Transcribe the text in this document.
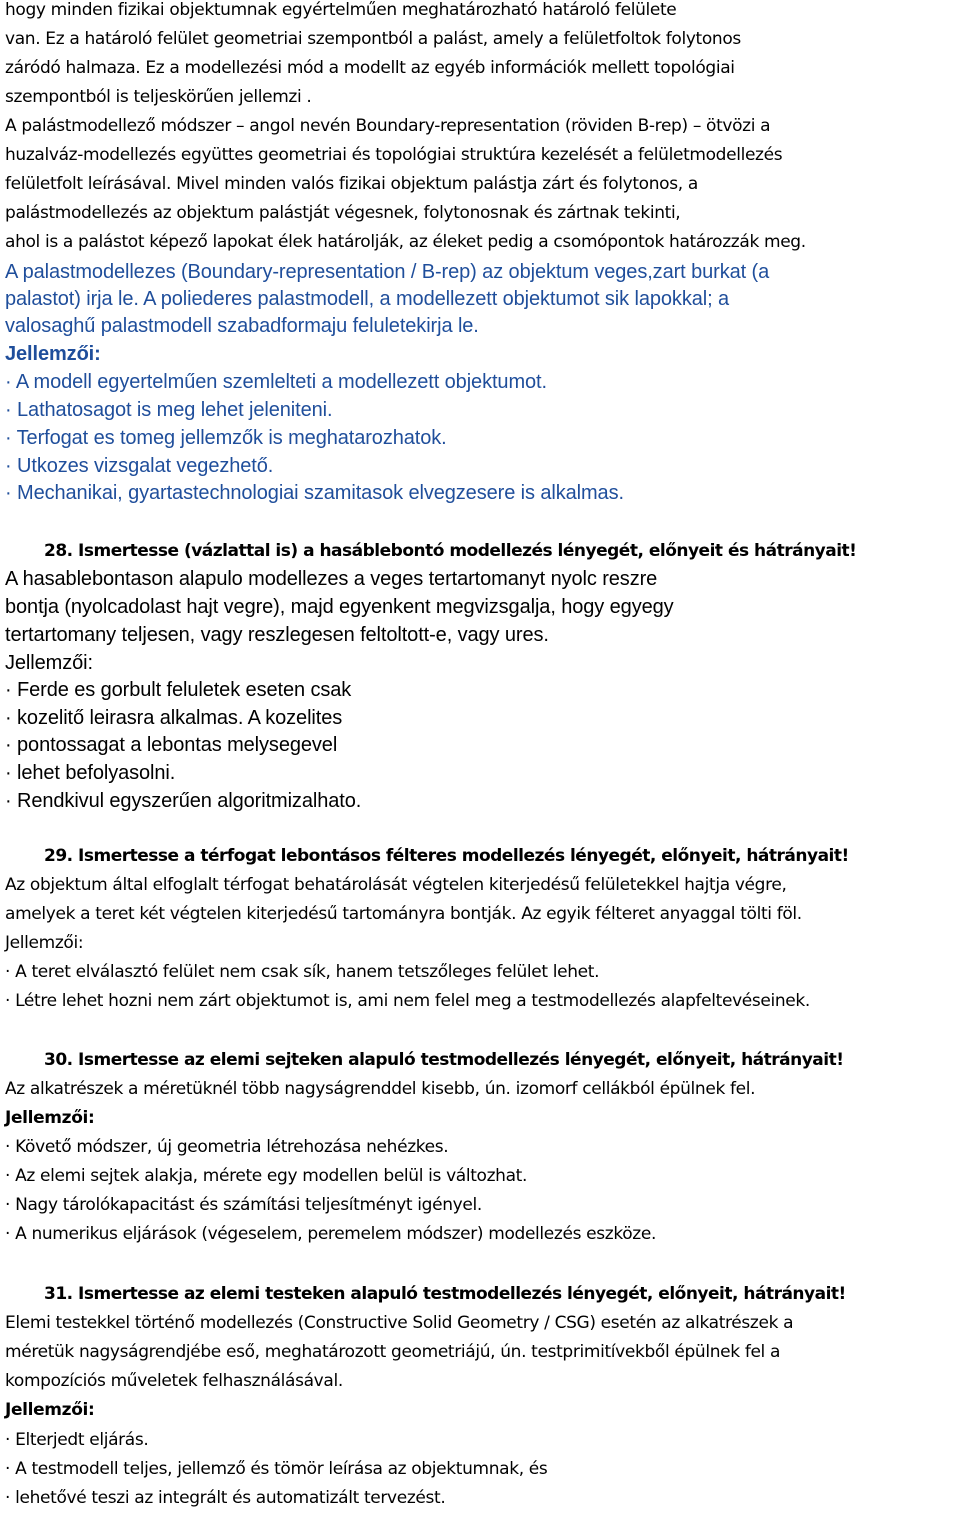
hogy minden fizikai objektumnak egyértelműen meghatározható határoló felülete

van. Ez a határoló felület geometriai szempontból a palást, amely a felületfoltok folytonos

záródó halmaza. Ez a modellezési mód a modellt az egyéb információk mellett topológiai

szempontból is teljeskörűen jellemzi .

A palástmodellező módszer – angol nevén Boundary-representation (röviden B-rep) – ötvözi a

huzalváz-modellezés együttes geometriai és topológiai struktúra kezelését a felületmodellezés

felületfolt leírásával. Mivel minden valós fizikai objektum palástja zárt és folytonos, a

palástmodellezés az objektum palástját végesnek, folytonosnak és zártnak tekinti,

ahol is a palástot képező lapokat élek határolják, az éleket pedig a csomópontok határozzák meg.

A palastmodellezes (Boundary-representation / B-rep) az objektum veges,zart burkat (a

palastot) irja le. A poliederes palastmodell, a modellezett objektumot sik lapokkal; a

valosaghű palastmodell szabadformaju feluletekirja le.

Jellemzői:

· A modell egyertelműen szemlelteti a modellezett objektumot.

· Lathatosagot is meg lehet jeleniteni.

· Terfogat es tomeg jellemzők is meghatarozhatok.

· Utkozes vizsgalat vegezhető.

· Mechanikai, gyartastechnologiai szamitasok elvegzesere is alkalmas.

28. Ismertesse (vázlattal is) a hasáblebontó modellezés lényegét, előnyeit és hátrányait!

A hasablebontason alapulo modellezes a veges tertartomanyt nyolc reszre

bontja (nyolcadolast hajt vegre), majd egyenkent megvizsgalja, hogy egyegy

tertartomany teljesen, vagy reszlegesen feltoltott-e, vagy ures.

Jellemzői:

· Ferde es gorbult feluletek eseten csak

· kozelitő leirasra alkalmas. A kozelites

· pontossagat a lebontas melysegevel

· lehet befolyasolni.

· Rendkivul egyszerűen algoritmizalhato.

29. Ismertesse a térfogat lebontásos félteres modellezés lényegét, előnyeit, hátrányait!

Az objektum által elfoglalt térfogat behatárolását végtelen kiterjedésű felületekkel hajtja végre,

amelyek a teret két végtelen kiterjedésű tartományra bontják. Az egyik félteret anyaggal tölti föl.

Jellemzői:

· A teret elválasztó felület nem csak sík, hanem tetszőleges felület lehet.

· Létre lehet hozni nem zárt objektumot is, ami nem felel meg a testmodellezés alapfeltevéseinek.

30. Ismertesse az elemi sejteken alapuló testmodellezés lényegét, előnyeit, hátrányait!

Az alkatrészek a méretüknél több nagyságrenddel kisebb, ún. izomorf cellákból épülnek fel.

Jellemzői:

· Követő módszer, új geometria létrehozása nehézkes.

· Az elemi sejtek alakja, mérete egy modellen belül is változhat.

· Nagy tárolókapacitást és számítási teljesítményt igényel.

· A numerikus eljárások (végeselem, peremelem módszer) modellezés eszköze.

31. Ismertesse az elemi testeken alapuló testmodellezés lényegét, előnyeit, hátrányait!

Elemi testekkel történő modellezés (Constructive Solid Geometry / CSG) esetén az alkatrészek a

méretük nagyságrendjébe eső, meghatározott geometriájú, ún. testprimitívekből épülnek fel a

kompozíciós műveletek felhasználásával.

Jellemzői:

· Elterjedt eljárás.

· A testmodell teljes, jellemző és tömör leírása az objektumnak, és

· lehetővé teszi az integrált és automatizált tervezést.
